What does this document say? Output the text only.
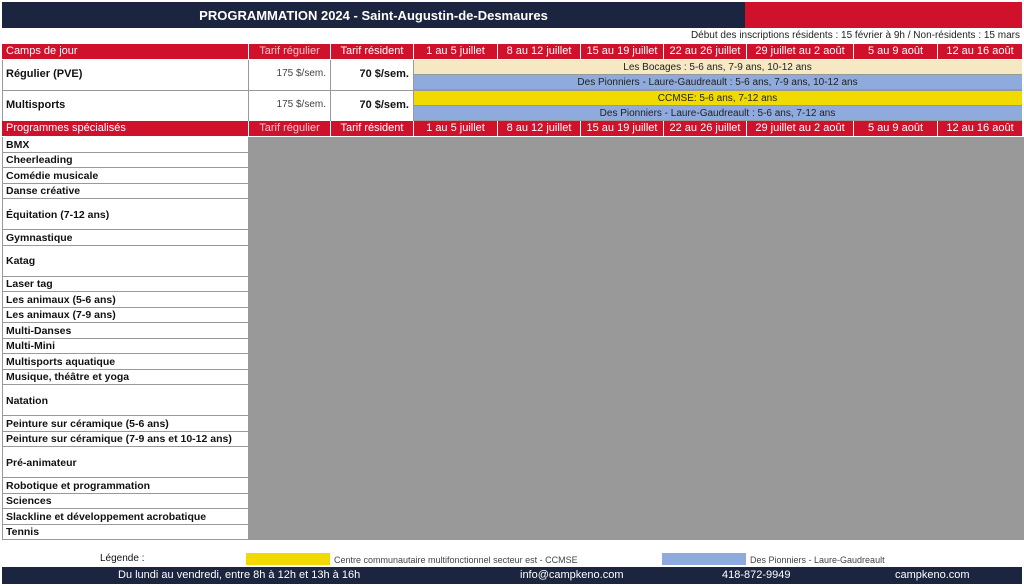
PROGRAMMATION 2024 - Saint-Augustin-de-Desmaures
Début des inscriptions résidents : 15 février à 9h / Non-résidents : 15 mars
Camps de jour	Tarif régulier	Tarif résident	1 au 5 juillet	8 au 12 juillet	15 au 19 juillet	22 au 26 juillet	29 juillet au 2 août	5 au 9 août	12 au 16 août
Régulier (PVE)	175 $/sem.	70 $/sem.
Les Bocages : 5-6 ans, 7-9 ans, 10-12 ans
Des Pionniers - Laure-Gaudreault : 5-6 ans, 7-9 ans, 10-12 ans
Multisports	175 $/sem.	70 $/sem.
CCMSE: 5-6 ans, 7-12 ans
Des Pionniers - Laure-Gaudreault : 5-6 ans, 7-12 ans
Programmes spécialisés	Tarif régulier	Tarif résident	1 au 5 juillet	8 au 12 juillet	15 au 19 juillet	22 au 26 juillet	29 juillet au 2 août	5 au 9 août	12 au 16 août
BMX
Cheerleading
Comédie musicale
Danse créative
Équitation (7-12 ans)
Gymnastique
Katag
Laser tag
Les animaux (5-6 ans)
Les animaux (7-9 ans)
Multi-Danses
Multi-Mini
Multisports aquatique
Musique, théâtre et yoga
Natation
Peinture sur céramique (5-6 ans)
Peinture sur céramique (7-9 ans et 10-12 ans)
Pré-animateur
Robotique et programmation
Sciences
Slackline et développement acrobatique
Tennis
Légende :	Centre communautaire multifonctionnel secteur est - CCMSE	Des Pionniers - Laure-Gaudreault
Du lundi au vendredi, entre 8h à 12h et 13h à 16h	info@campkeno.com	418-872-9949	campkeno.com
